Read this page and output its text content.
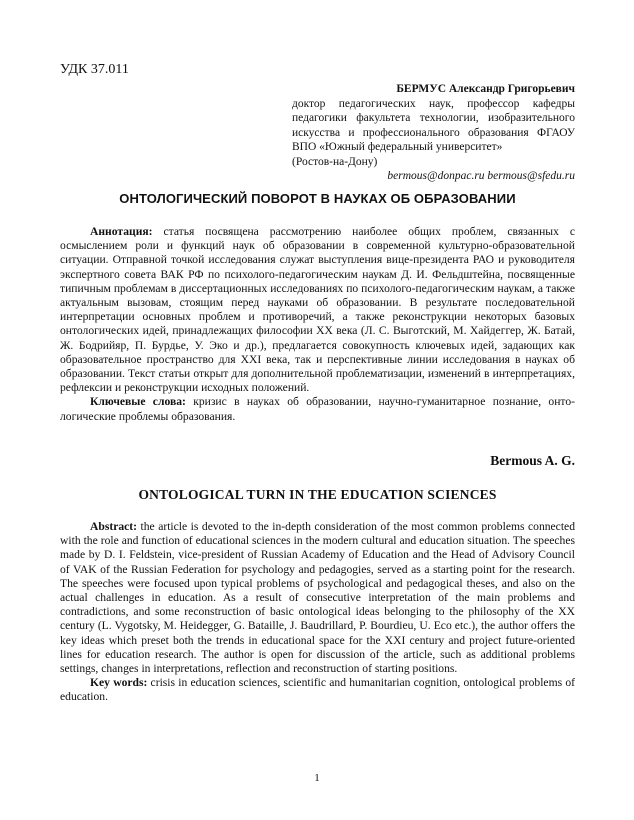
УДК 37.011
БЕРМУС Александр Григорьевич
доктор педагогических наук, профессор кафедры педагогики факультета технологии, изобразительного искусства и профессионального образования ФГАОУ ВПО «Южный федеральный университет»
(Ростов-на-Дону)
bermous@donpac.ru bermous@sfedu.ru
ОНТОЛОГИЧЕСКИЙ ПОВОРОТ В НАУКАХ ОБ ОБРАЗОВАНИИ

Аннотация: статья посвящена рассмотрению наиболее общих проблем, связанных с осмыслением роли и функций наук об образовании в современной культурно-образовательной ситуации. Отправной точкой исследования служат выступления вице-президента РАО и руководителя экспертного совета ВАК РФ по психолого-педагогическим наукам Д. И. Фельдштейна, посвященные типичным проблемам в диссертационных исследованиях по психолого-педагогическим наукам, а также актуальным вызовам, стоящим перед науками об образовании. В результате последовательной интерпретации основных проблем и противоречий, а также реконструкции некоторых базовых онтологических идей, принадлежащих философии XX века (Л. С. Выготский, М. Хайдеггер, Ж. Батай, Ж. Бодрийяр, П. Бурдье, У. Эко и др.), предлагается совокупность ключевых идей, задающих как образовательное пространство для XXI века, так и перспективные линии исследования в науках об образовании. Текст статьи открыт для дополнительной проблематизации, изменений в интерпретациях, рефлексии и реконструкции исходных положений.

Ключевые слова: кризис в науках об образовании, научно-гуманитарное познание, онтологические проблемы образования.

Bermous A. G.
ONTOLOGICAL TURN IN THE EDUCATION SCIENCES

Abstract: the article is devoted to the in-depth consideration of the most common problems connected with the role and function of educational sciences in the modern cultural and education situation. The speeches made by D. I. Feldstein, vice-president of Russian Academy of Education and the Head of Advisory Council of VAK of the Russian Federation for psychology and pedagogies, served as a starting point for the research. The speeches were focused upon typical problems of psychological and pedagogical theses, and also on the actual challenges in education. As a result of consecutive interpretation of the main problems and contradictions, and some reconstruction of basic ontological ideas belonging to the philosophy of the XX century (L. Vygotsky, M. Heidegger, G. Bataille, J. Baudrillard, P. Bourdieu, U. Eco etc.), the author offers the key ideas which preset both the trends in educational space for the XXI century and project future-oriented lines for education research. The author is open for discussion of the article, such as additional problems settings, changes in interpretations, reflection and reconstruction of starting positions.

Key words: crisis in education sciences, scientific and humanitarian cognition, ontological problems of education.

1
